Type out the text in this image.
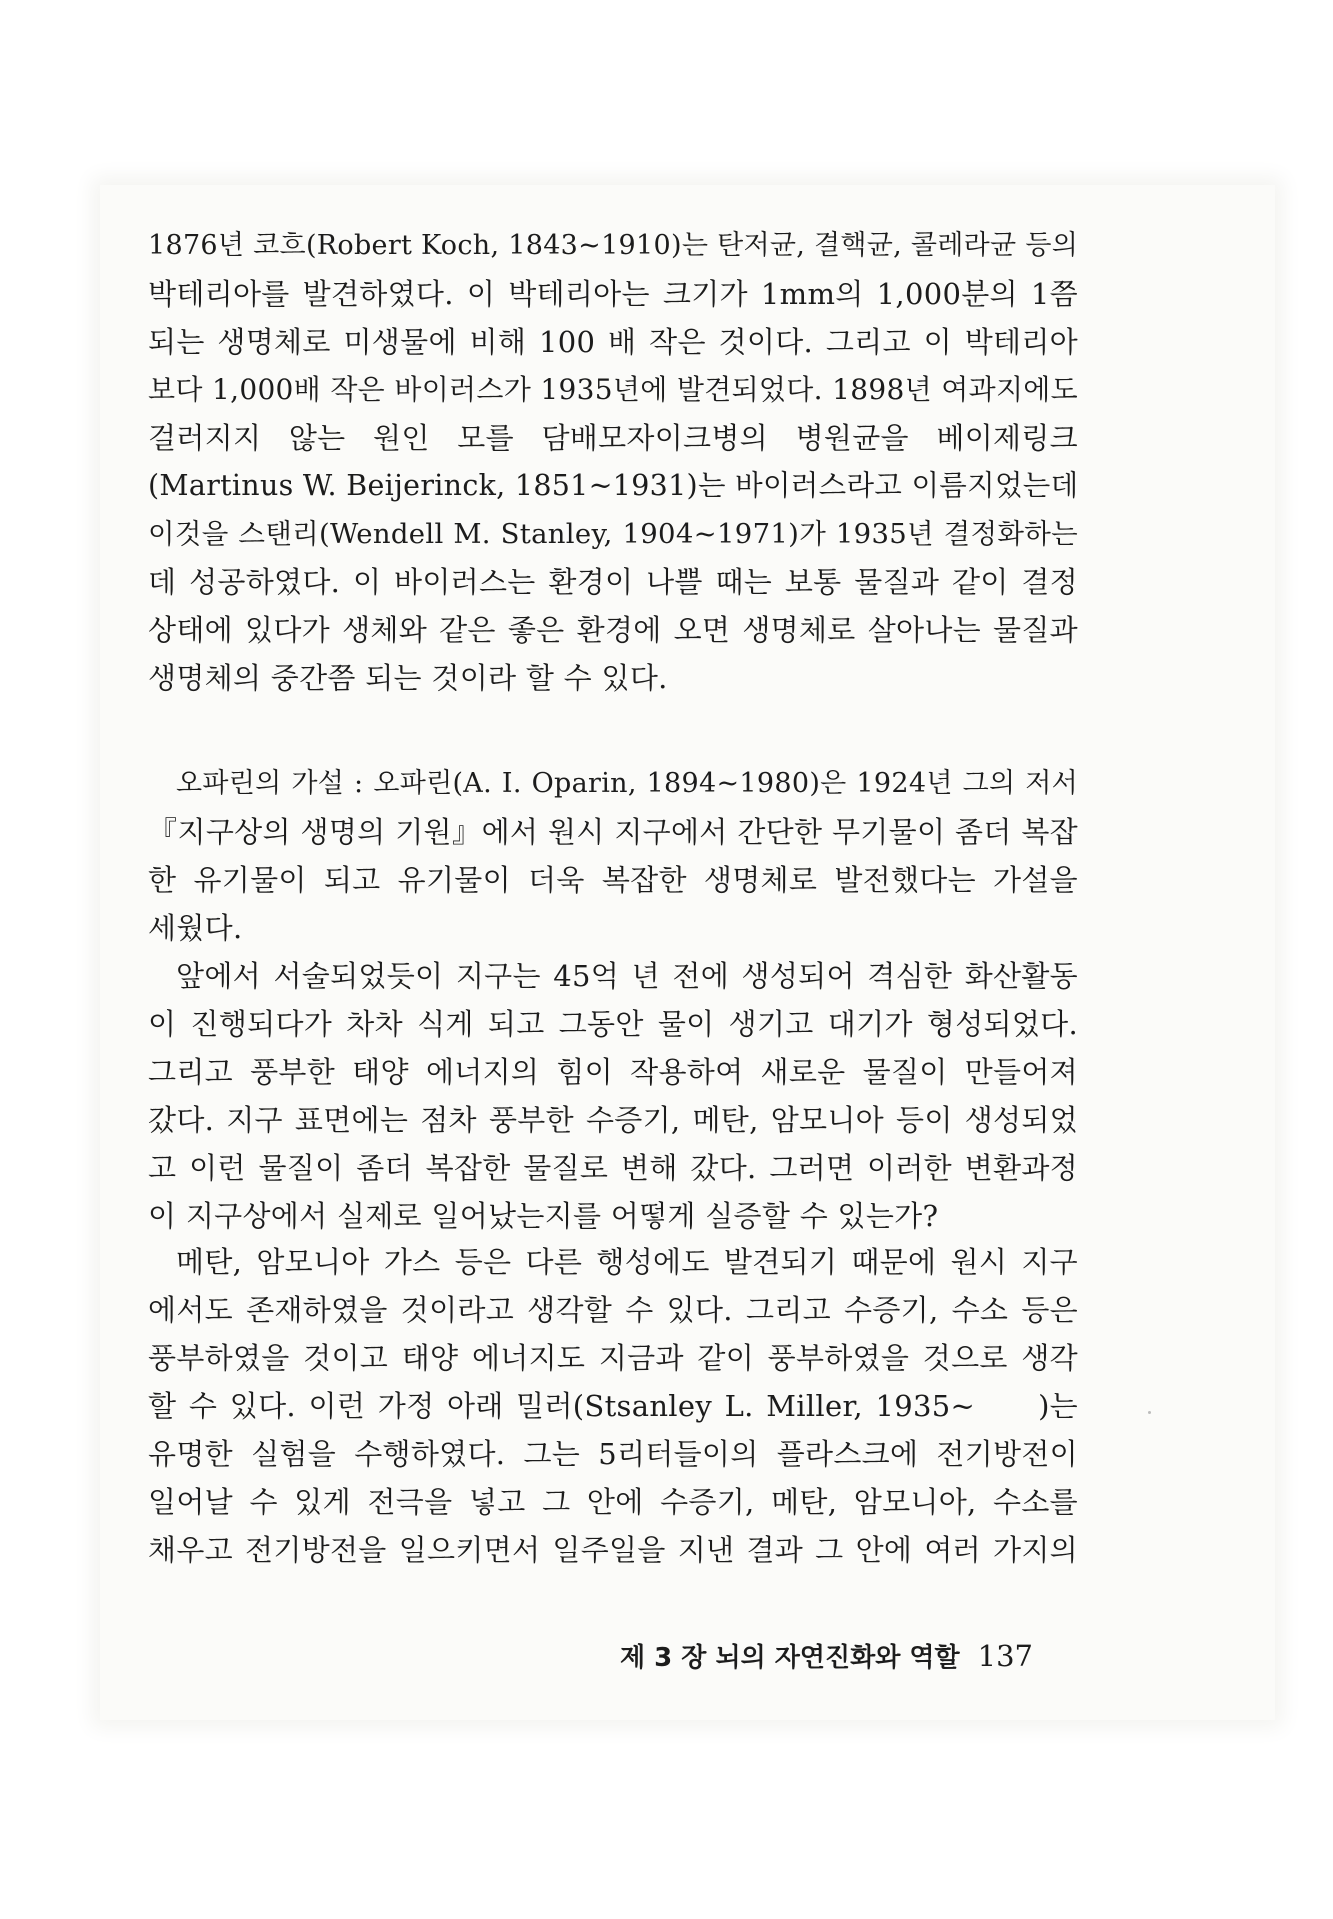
1876년 코흐(Robert Koch, 1843~1910)는 탄저균, 결핵균, 콜레라균 등의
박테리아를 발견하였다. 이 박테리아는 크기가 1mm의 1,000분의 1쯤
되는 생명체로 미생물에 비해 100 배 작은 것이다. 그리고 이 박테리아
보다 1,000배 작은 바이러스가 1935년에 발견되었다. 1898년 여과지에도
걸러지지 않는 원인 모를 담배모자이크병의 병원균을 베이제링크
(Martinus W. Beijerinck, 1851~1931)는 바이러스라고 이름지었는데
이것을 스탠리(Wendell M. Stanley, 1904~1971)가 1935년 결정화하는
데 성공하였다. 이 바이러스는 환경이 나쁠 때는 보통 물질과 같이 결정
상태에 있다가 생체와 같은 좋은 환경에 오면 생명체로 살아나는 물질과
생명체의 중간쯤 되는 것이라 할 수 있다.
오파린의 가설 : 오파린(A. I. Oparin, 1894~1980)은 1924년 그의 저서
『지구상의 생명의 기원』에서 원시 지구에서 간단한 무기물이 좀더 복잡
한 유기물이 되고 유기물이 더욱 복잡한 생명체로 발전했다는 가설을
세웠다.
앞에서 서술되었듯이 지구는 45억 년 전에 생성되어 격심한 화산활동
이 진행되다가 차차 식게 되고 그동안 물이 생기고 대기가 형성되었다.
그리고 풍부한 태양 에너지의 힘이 작용하여 새로운 물질이 만들어져
갔다. 지구 표면에는 점차 풍부한 수증기, 메탄, 암모니아 등이 생성되었
고 이런 물질이 좀더 복잡한 물질로 변해 갔다. 그러면 이러한 변환과정
이 지구상에서 실제로 일어났는지를 어떻게 실증할 수 있는가?
메탄, 암모니아 가스 등은 다른 행성에도 발견되기 때문에 원시 지구
에서도 존재하였을 것이라고 생각할 수 있다. 그리고 수증기, 수소 등은
풍부하였을 것이고 태양 에너지도 지금과 같이 풍부하였을 것으로 생각
할 수 있다. 이런 가정 아래 밀러(Stsanley L. Miller, 1935~     )는
유명한 실험을 수행하였다. 그는 5리터들이의 플라스크에 전기방전이
일어날 수 있게 전극을 넣고 그 안에 수증기, 메탄, 암모니아, 수소를
채우고 전기방전을 일으키면서 일주일을 지낸 결과 그 안에 여러 가지의
제 3 장 뇌의 자연진화와 역할 137
